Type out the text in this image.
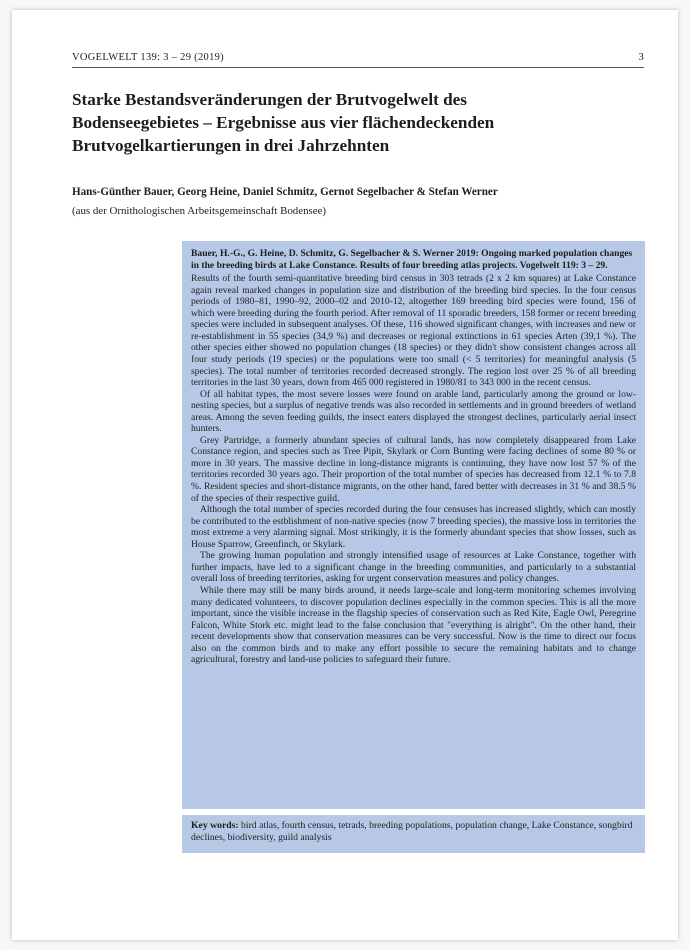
VOGELWELT 139: 3 – 29 (2019)	3
Starke Bestandsveränderungen der Brutvogelwelt des Bodenseegebietes – Ergebnisse aus vier flächendeckenden Brutvogelkartierungen in drei Jahrzehnten
Hans-Günther Bauer, Georg Heine, Daniel Schmitz, Gernot Segelbacher & Stefan Werner
(aus der Ornithologischen Arbeitsgemeinschaft Bodensee)

Bauer, H.-G., G. Heine, D. Schmitz, G. Segelbacher & S. Werner 2019: Ongoing marked population changes in the breeding birds at Lake Constance. Results of four breeding atlas projects. Vogelwelt 119: 3 – 29.

Results of the fourth semi-quantitative breeding bird census in 303 tetrads (2 x 2 km squares) at Lake Constance again reveal marked changes in population size and distribution of the breeding bird species. In the four census periods of 1980–81, 1990–92, 2000–02 and 2010-12, altogether 169 breeding bird species were found, 156 of which were breeding during the fourth period. After removal of 11 sporadic breeders, 158 former or recent breeding species were included in subsequent analyses. Of these, 116 showed significant changes, with increases and new or re-establishment in 55 species (34,9 %) and decreases or regional extinctions in 61 species Arten (39,1 %). The other species either showed no population changes (18 species) or they didn't show consistent changes across all four study periods (19 species) or the populations were too small (< 5 territories) for meaningful analysis (5 species). The total number of territories recorded decreased strongly. The region lost over 25 % of all breeding territories in the last 30 years, down from 465 000 registered in 1980/81 to 343 000 in the recent census.

Of all habitat types, the most severe losses were found on arable land, particularly among the ground or low-nesting species, but a surplus of negative trends was also recorded in settlements and in ground breeders of wetland areas. Among the seven feeding guilds, the insect eaters displayed the strongest declines, particularly aerial insect hunters.

Grey Partridge, a formerly abundant species of cultural lands, has now completely disappeared from Lake Constance region, and species such as Tree Pipit, Skylark or Corn Bunting were facing declines of some 80 % or more in 30 years. The massive decline in long-distance migrants is continuing, they have now lost 57 % of the territories recorded 30 years ago. Their proportion of the total number of species has decreased from 12.1 % to 7.8 %. Resident species and short-distance migrants, on the other hand, fared better with decreases in 31 % and 38.5 % of the species of their respective guild.

Although the total number of species recorded during the four censuses has increased slightly, which can mostly be contributed to the estblishment of non-native species (now 7 breeding species), the massive loss in territories the most extreme a very alarming signal. Most strikingly, it is the formerly abundant species that show losses, such as House Sparrow, Greenfinch, or Skylark.

The growing human population and strongly intensified usage of resources at Lake Constance, together with further impacts, have led to a significant change in the breeding communities, and particularly to a substantial overall loss of breeding territories, asking for urgent conservation measures and policy changes.

While there may still be many birds around, it needs large-scale and long-term monitoring schemes involving many dedicated volunteers, to discover population declines especially in the common species. This is all the more important, since the visible increase in the flagship species of conservation such as Red Kite, Eagle Owl, Peregrine Falcon, White Stork etc. might lead to the false conclusion that "everything is alright". On the other hand, their recent developments show that conservation measures can be very successful. Now is the time to direct our focus also on the common birds and to make any effort possible to secure the remaining habitats and to change agricultural, forestry and land-use policies to safeguard their future.

Key words: bird atlas, fourth census, tetrads, breeding populations, population change, Lake Constance, songbird declines, biodiversity, guild analysis
